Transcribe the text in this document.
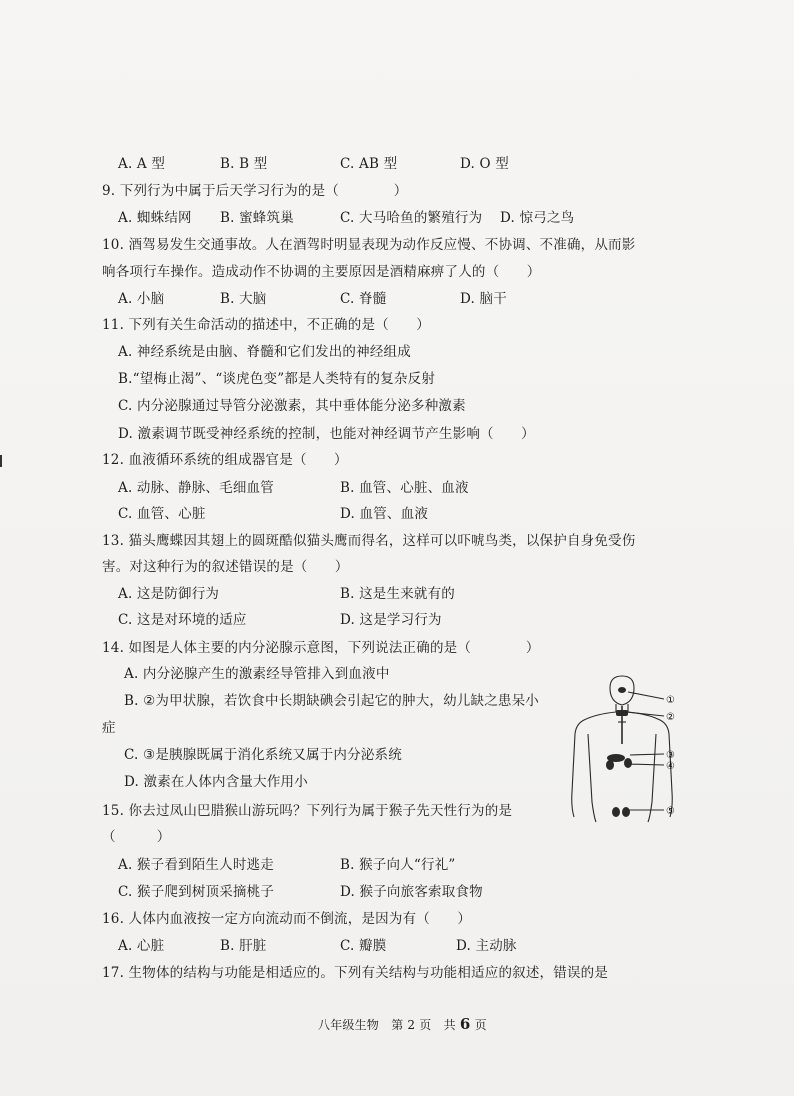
A. A 型	B. B 型	C. AB 型	D. O 型
9. 下列行为中属于后天学习行为的是（　　　　）
A. 蜘蛛结网 B. 蜜蜂筑巢	C. 大马哈鱼的繁殖行为 D. 惊弓之鸟
10. 酒驾易发生交通事故。人在酒驾时明显表现为动作反应慢、不协调、不准确，从而影
响各项行车操作。造成动作不协调的主要原因是酒精麻痹了人的（　　）
A. 小脑	B. 大脑	C. 脊髓	D. 脑干
11. 下列有关生命活动的描述中，不正确的是（　　）
A. 神经系统是由脑、脊髓和它们发出的神经组成
B.“望梅止渴”、“谈虎色变”都是人类特有的复杂反射
C. 内分泌腺通过导管分泌激素，其中垂体能分泌多种激素
D. 激素调节既受神经系统的控制，也能对神经调节产生影响（　　）
12. 血液循环系统的组成器官是（　　）
A. 动脉、静脉、毛细血管	B. 血管、心脏、血液
C. 血管、心脏	D. 血管、血液
13. 猫头鹰蝶因其翅上的圆斑酷似猫头鹰而得名，这样可以吓唬鸟类，以保护自身免受伤
害。对这种行为的叙述错误的是（　　）
A. 这是防御行为	B. 这是生来就有的
C. 这是对环境的适应	D. 这是学习行为
14. 如图是人体主要的内分泌腺示意图，下列说法正确的是（　　　　）
A. 内分泌腺产生的激素经导管排入到血液中
B. ②为甲状腺，若饮食中长期缺碘会引起它的肿大，幼儿缺之患呆小
症
C. ③是胰腺既属于消化系统又属于内分泌系统
D. 激素在人体内含量大作用小
①
②
③
④
⑤
15. 你去过凤山巴腊猴山游玩吗？下列行为属于猴子先天性行为的是
（　　　）
A. 猴子看到陌生人时逃走	B. 猴子向人“行礼”
C. 猴子爬到树顶采摘桃子	D. 猴子向旅客索取食物
16. 人体内血液按一定方向流动而不倒流，是因为有（　　）
A. 心脏	B. 肝脏	C. 瓣膜	D. 主动脉
17. 生物体的结构与功能是相适应的。下列有关结构与功能相适应的叙述，错误的是
八年级生物　第 2 页　共 6 页
